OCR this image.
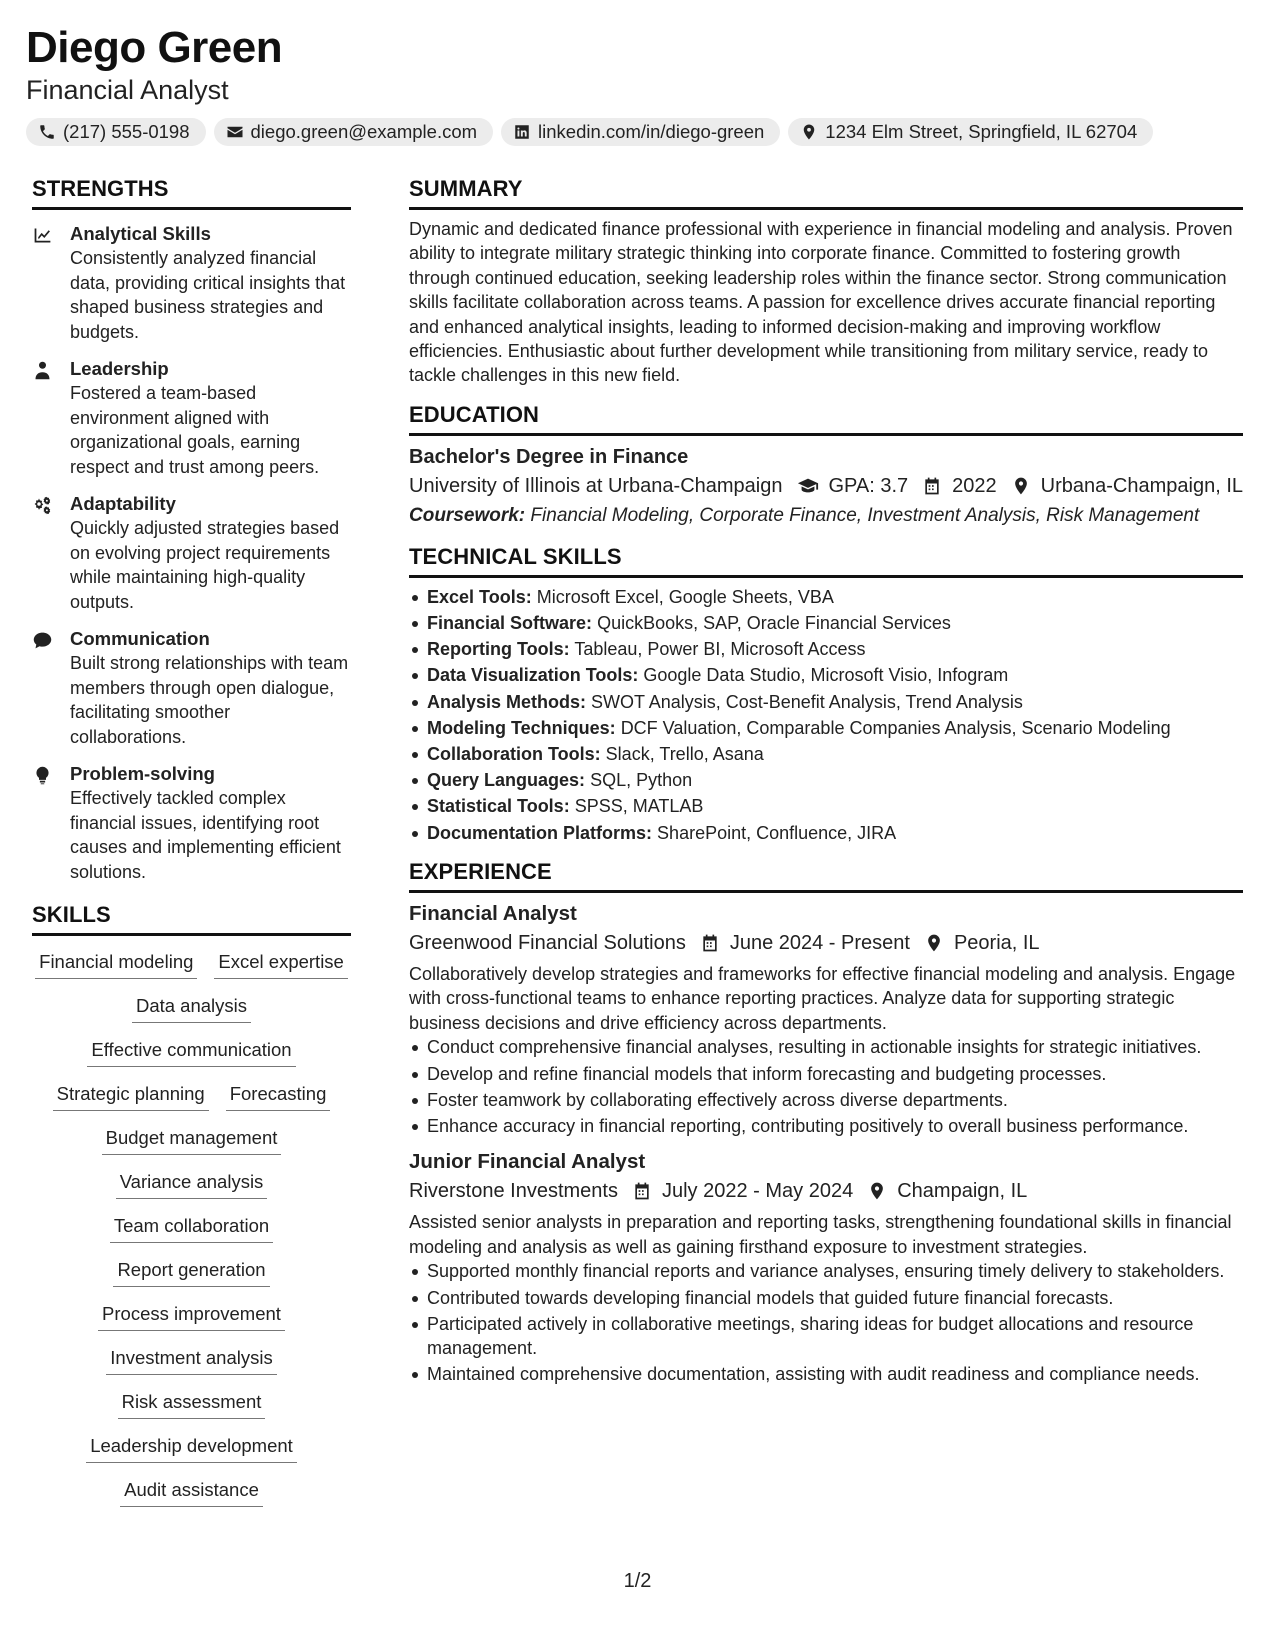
Diego Green
Financial Analyst
(217) 555-0198	diego.green@example.com	linkedin.com/in/diego-green	1234 Elm Street, Springfield, IL 62704
STRENGTHS
Analytical Skills
Consistently analyzed financial data, providing critical insights that shaped business strategies and budgets.
Leadership
Fostered a team-based environment aligned with organizational goals, earning respect and trust among peers.
Adaptability
Quickly adjusted strategies based on evolving project requirements while maintaining high-quality outputs.
Communication
Built strong relationships with team members through open dialogue, facilitating smoother collaborations.
Problem-solving
Effectively tackled complex financial issues, identifying root causes and implementing efficient solutions.
SKILLS
Financial modeling Excel expertise
Data analysis
Effective communication
Strategic planning Forecasting
Budget management
Variance analysis
Team collaboration
Report generation
Process improvement
Investment analysis
Risk assessment
Leadership development
Audit assistance
SUMMARY
Dynamic and dedicated finance professional with experience in financial modeling and analysis. Proven ability to integrate military strategic thinking into corporate finance. Committed to fostering growth through continued education, seeking leadership roles within the finance sector. Strong communication skills facilitate collaboration across teams. A passion for excellence drives accurate financial reporting and enhanced analytical insights, leading to informed decision-making and improving workflow efficiencies. Enthusiastic about further development while transitioning from military service, ready to tackle challenges in this new field.
EDUCATION
Bachelor's Degree in Finance
University of Illinois at Urbana-Champaign GPA: 3.7 2022 Urbana-Champaign, IL
Coursework: Financial Modeling, Corporate Finance, Investment Analysis, Risk Management
TECHNICAL SKILLS
Excel Tools: Microsoft Excel, Google Sheets, VBA
Financial Software: QuickBooks, SAP, Oracle Financial Services
Reporting Tools: Tableau, Power BI, Microsoft Access
Data Visualization Tools: Google Data Studio, Microsoft Visio, Infogram
Analysis Methods: SWOT Analysis, Cost-Benefit Analysis, Trend Analysis
Modeling Techniques: DCF Valuation, Comparable Companies Analysis, Scenario Modeling
Collaboration Tools: Slack, Trello, Asana
Query Languages: SQL, Python
Statistical Tools: SPSS, MATLAB
Documentation Platforms: SharePoint, Confluence, JIRA
EXPERIENCE
Financial Analyst
Greenwood Financial Solutions June 2024 - Present Peoria, IL
Collaboratively develop strategies and frameworks for effective financial modeling and analysis. Engage with cross-functional teams to enhance reporting practices. Analyze data for supporting strategic business decisions and drive efficiency across departments.
Conduct comprehensive financial analyses, resulting in actionable insights for strategic initiatives.
Develop and refine financial models that inform forecasting and budgeting processes.
Foster teamwork by collaborating effectively across diverse departments.
Enhance accuracy in financial reporting, contributing positively to overall business performance.
Junior Financial Analyst
Riverstone Investments July 2022 - May 2024 Champaign, IL
Assisted senior analysts in preparation and reporting tasks, strengthening foundational skills in financial modeling and analysis as well as gaining firsthand exposure to investment strategies.
Supported monthly financial reports and variance analyses, ensuring timely delivery to stakeholders.
Contributed towards developing financial models that guided future financial forecasts.
Participated actively in collaborative meetings, sharing ideas for budget allocations and resource management.
Maintained comprehensive documentation, assisting with audit readiness and compliance needs.
1/2
